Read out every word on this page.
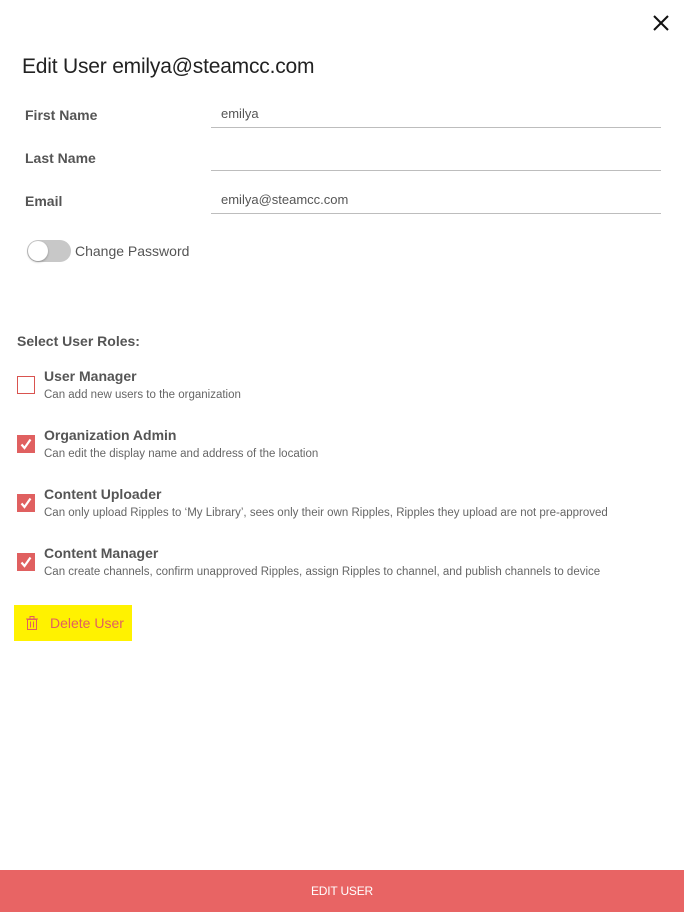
Edit User emilya@steamcc.com
First Name
emilya
Last Name
Email
emilya@steamcc.com
Change Password
Select User Roles:
User Manager
Can add new users to the organization
Organization Admin
Can edit the display name and address of the location
Content Uploader
Can only upload Ripples to ‘My Library’, sees only their own Ripples, Ripples they upload are not pre-approved
Content Manager
Can create channels, confirm unapproved Ripples, assign Ripples to channel, and publish channels to device
Delete User
EDIT USER
